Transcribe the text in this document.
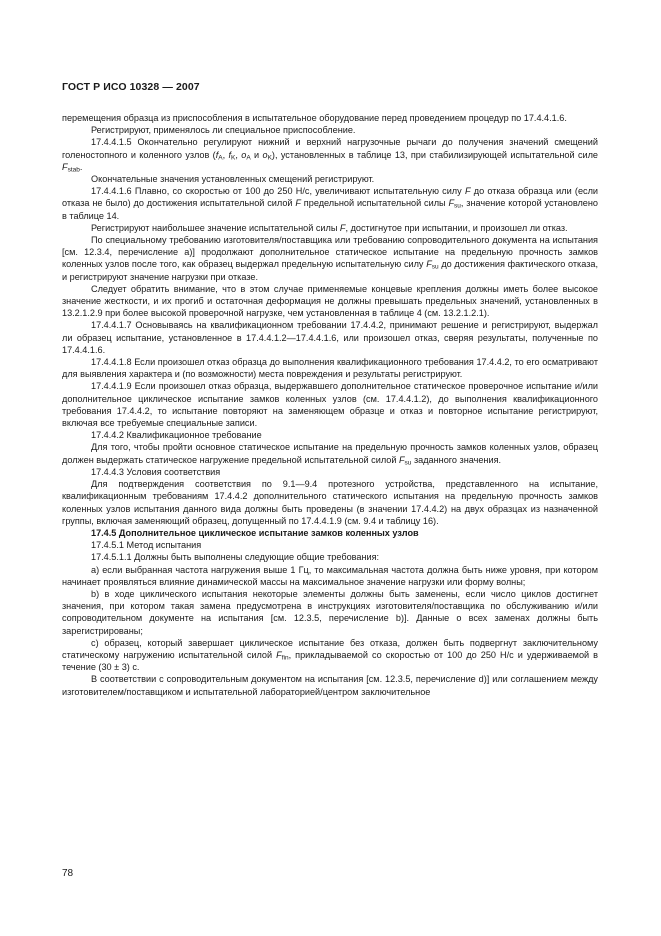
ГОСТ Р ИСО 10328 — 2007

перемещения образца из приспособления в испытательное оборудование перед проведением процедур по 17.4.4.1.6.

Регистрируют, применялось ли специальное приспособление.

17.4.4.1.5 Окончательно регулируют нижний и верхний нагрузочные рычаги до получения значений смещений голеностопного и коленного узлов ($f_A$, $f_K$, $o_A$ и $o_K$), установленных в таблице 13, при стабилизирующей испытательной силе $F_{stab}$.

Окончательные значения установленных смещений регистрируют.

17.4.4.1.6 Плавно, со скоростью от 100 до 250 Н/с, увеличивают испытательную силу F до отказа образца или (если отказа не было) до достижения испытательной силой F предельной испытательной силы $F_{su}$, значение которой установлено в таблице 14.

Регистрируют наибольшее значение испытательной силы F, достигнутое при испытании, и произошел ли отказ.

По специальному требованию изготовителя/поставщика или требованию сопроводительного документа на испытания [см. 12.3.4, перечисление а)] продолжают дополнительное статическое испытание на предельную прочность замков коленных узлов после того, как образец выдержал предельную испытательную силу $F_{su}$ до достижения фактического отказа, и регистрируют значение нагрузки при отказе.

Следует обратить внимание, что в этом случае применяемые концевые крепления должны иметь более высокое значение жесткости, и их прогиб и остаточная деформация не должны превышать предельных значений, установленных в 13.2.1.2.9 при более высокой проверочной нагрузке, чем установленная в таблице 4 (см. 13.2.1.2.1).

17.4.4.1.7 Основываясь на квалификационном требовании 17.4.4.2, принимают решение и регистрируют, выдержал ли образец испытание, установленное в 17.4.4.1.2—17.4.4.1.6, или произошел отказ, сверяя результаты, полученные по 17.4.4.1.6.

17.4.4.1.8 Если произошел отказ образца до выполнения квалификационного требования 17.4.4.2, то его осматривают для выявления характера и (по возможности) места повреждения и результаты регистрируют.

17.4.4.1.9 Если произошел отказ образца, выдержавшего дополнительное статическое проверочное испытание и/или дополнительное циклическое испытание замков коленных узлов (см. 17.4.4.1.2), до выполнения квалификационного требования 17.4.4.2, то испытание повторяют на заменяющем образце и отказ и повторное испытание регистрируют, включая все требуемые специальные записи.

17.4.4.2 Квалификационное требование

Для того, чтобы пройти основное статическое испытание на предельную прочность замков коленных узлов, образец должен выдержать статическое нагружение предельной испытательной силой $F_{su}$ заданного значения.

17.4.4.3 Условия соответствия

Для подтверждения соответствия по 9.1—9.4 протезного устройства, представленного на испытание, квалификационным требованиям 17.4.4.2 дополнительного статического испытания на предельную прочность замков коленных узлов испытания данного вида должны быть проведены (в значении 17.4.4.2) на двух образцах из назначенной группы, включая заменяющий образец, допущенный по 17.4.4.1.9 (см. 9.4 и таблицу 16).

17.4.5 Дополнительное циклическое испытание замков коленных узлов

17.4.5.1 Метод испытания

17.4.5.1.1 Должны быть выполнены следующие общие требования:

а) если выбранная частота нагружения выше 1 Гц, то максимальная частота должна быть ниже уровня, при котором начинает проявляться влияние динамической массы на максимальное значение нагрузки или форму волны;

b) в ходе циклического испытания некоторые элементы должны быть заменены, если число циклов достигнет значения, при котором такая замена предусмотрена в инструкциях изготовителя/поставщика по обслуживанию и/или сопроводительном документе на испытания [см. 12.3.5, перечисление b)]. Данные о всех заменах должны быть зарегистрированы;

с) образец, который завершает циклическое испытание без отказа, должен быть подвергнут заключительному статическому нагружению испытательной силой $F_{fin}$, прикладываемой со скоростью от 100 до 250 Н/с и удерживаемой в течение (30 ± 3) с.

В соответствии с сопроводительным документом на испытания [см. 12.3.5, перечисление d)] или соглашением между изготовителем/поставщиком и испытательной лабораторией/центром заключительное

78
